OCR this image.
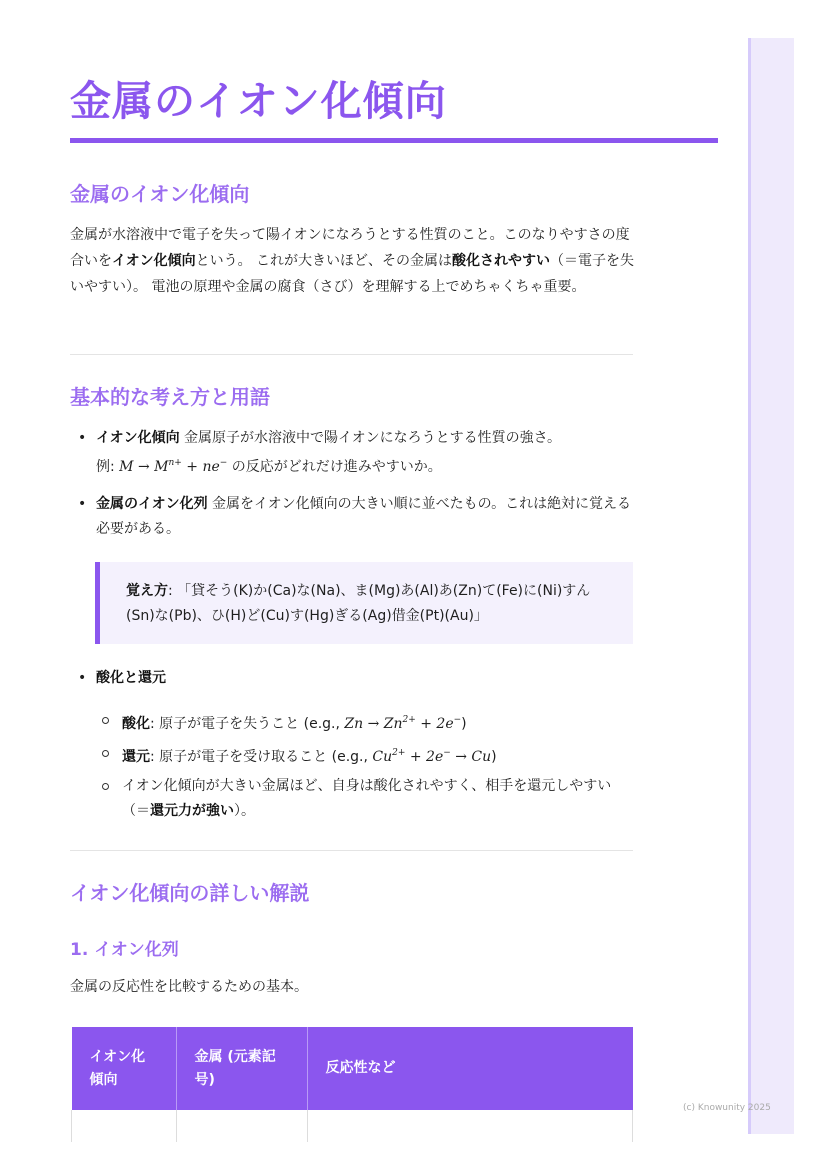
金属のイオン化傾向
金属のイオン化傾向

金属が水溶液中で電子を失って陽イオンになろうとする性質のこと。このなりやすさの度合いをイオン化傾向という。 これが大きいほど、その金属は酸化されやすい（＝電子を失いやすい）。 電池の原理や金属の腐食（さび）を理解する上でめちゃくちゃ重要。

基本的な考え方と用語
• イオン化傾向 金属原子が水溶液中で陽イオンになろうとする性質の強さ。
例: $M \to M^{n+} + ne^-$ の反応がどれだけ進みやすいか。
• 金属のイオン化列 金属をイオン化傾向の大きい順に並べたもの。これは絶対に覚える必要がある。
覚え方: 「貸そう(K)か(Ca)な(Na)、ま(Mg)あ(Al)あ(Zn)て(Fe)に(Ni)すん(Sn)な(Pb)、ひ(H)ど(Cu)す(Hg)ぎる(Ag)借金(Pt)(Au)」
• 酸化と還元
酸化: 原子が電子を失うこと (e.g., $Zn \to Zn^{2+} + 2e^-$)
還元: 原子が電子を受け取ること (e.g., $Cu^{2+} + 2e^- \to Cu$)
イオン化傾向が大きい金属ほど、自身は酸化されやすく、相手を還元しやすい（＝還元力が強い）。
イオン化傾向の詳しい解説
1. イオン化列

金属の反応性を比較するための基本。

イオン化傾向	金属 (元素記号)	反応性など

(c) Knowunity 2025
